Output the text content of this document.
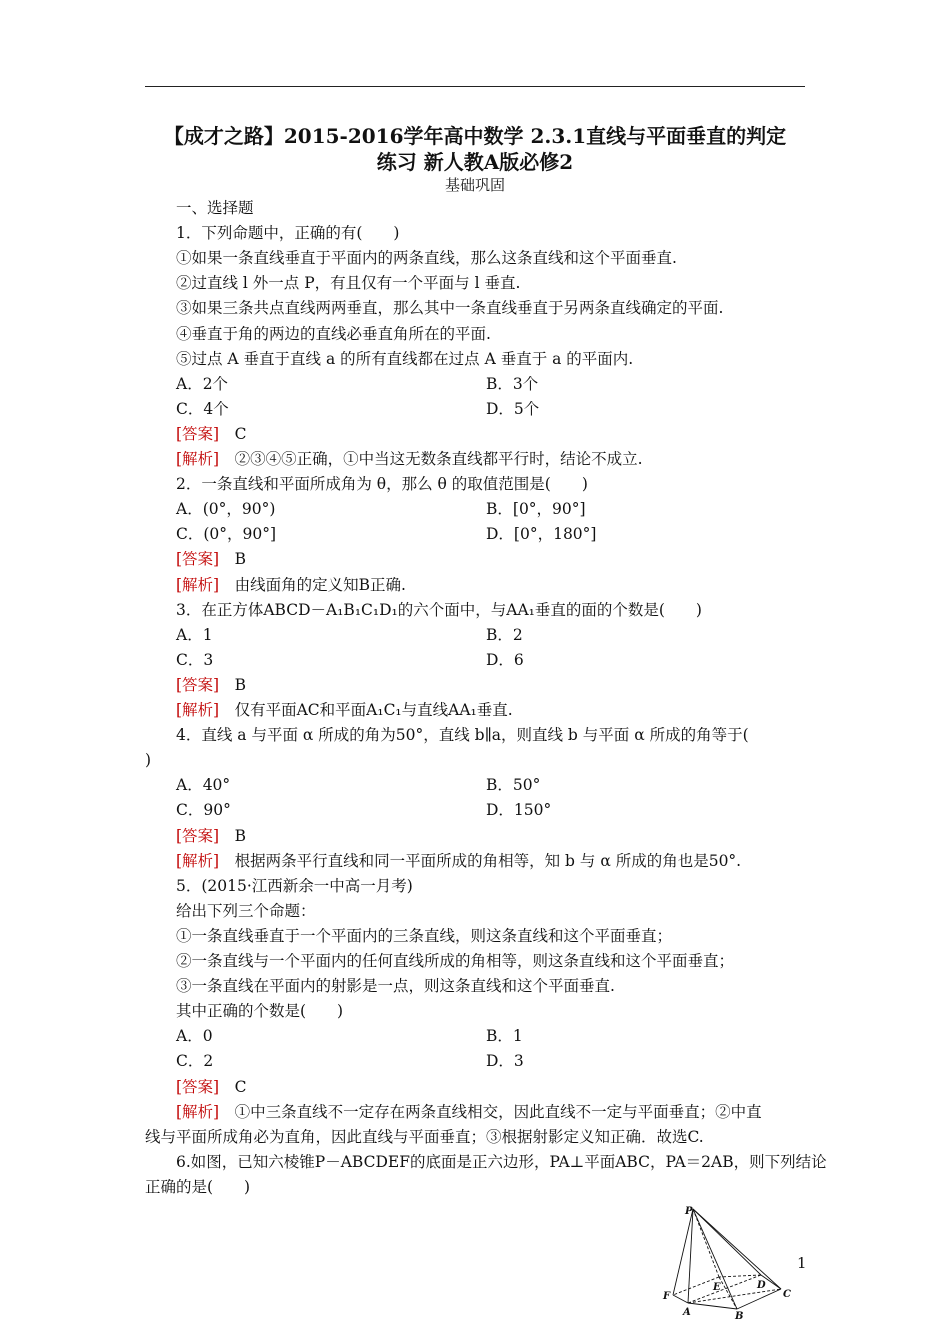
【成才之路】2015-2016学年高中数学 2.3.1直线与平面垂直的判定
练习 新人教A版必修2
基础巩固
一、选择题
1．下列命题中，正确的有(　　)
①如果一条直线垂直于平面内的两条直线，那么这条直线和这个平面垂直.
②过直线 l 外一点 P，有且仅有一个平面与 l 垂直.
③如果三条共点直线两两垂直，那么其中一条直线垂直于另两条直线确定的平面.
④垂直于角的两边的直线必垂直角所在的平面.
⑤过点 A 垂直于直线 a 的所有直线都在过点 A 垂直于 a 的平面内.
A．2个	B．3个
C．4个	D．5个
[答案]　C
[解析]　②③④⑤正确，①中当这无数条直线都平行时，结论不成立.
2．一条直线和平面所成角为 θ，那么 θ 的取值范围是(　　)
A．(0°，90°)	B．[0°，90°]
C．(0°，90°]	D．[0°，180°]
[答案]　B
[解析]　由线面角的定义知B正确.
3．在正方体ABCD－A₁B₁C₁D₁的六个面中，与AA₁垂直的面的个数是(　　)
A．1	B．2
C．3	D．6
[答案]　B
[解析]　仅有平面AC和平面A₁C₁与直线AA₁垂直.
4．直线 a 与平面 α 所成的角为50°，直线 b∥a，则直线 b 与平面 α 所成的角等于(
)
A．40°	B．50°
C．90°	D．150°
[答案]　B
[解析]　根据两条平行直线和同一平面所成的角相等，知 b 与 α 所成的角也是50°.
5．(2015·江西新余一中高一月考)
给出下列三个命题：
①一条直线垂直于一个平面内的三条直线，则这条直线和这个平面垂直；
②一条直线与一个平面内的任何直线所成的角相等，则这条直线和这个平面垂直；
③一条直线在平面内的射影是一点，则这条直线和这个平面垂直.
其中正确的个数是(　　)
A．0	B．1
C．2	D．3
[答案]　C
[解析]　①中三条直线不一定存在两条直线相交，因此直线不一定与平面垂直；②中直
线与平面所成角必为直角，因此直线与平面垂直；③根据射影定义知正确．故选C.
6.如图，已知六棱锥P－ABCDEF的底面是正六边形，PA⊥平面ABC，PA＝2AB，则下列结论
正确的是(　　)
P
F
A	B
C
D
E
1
